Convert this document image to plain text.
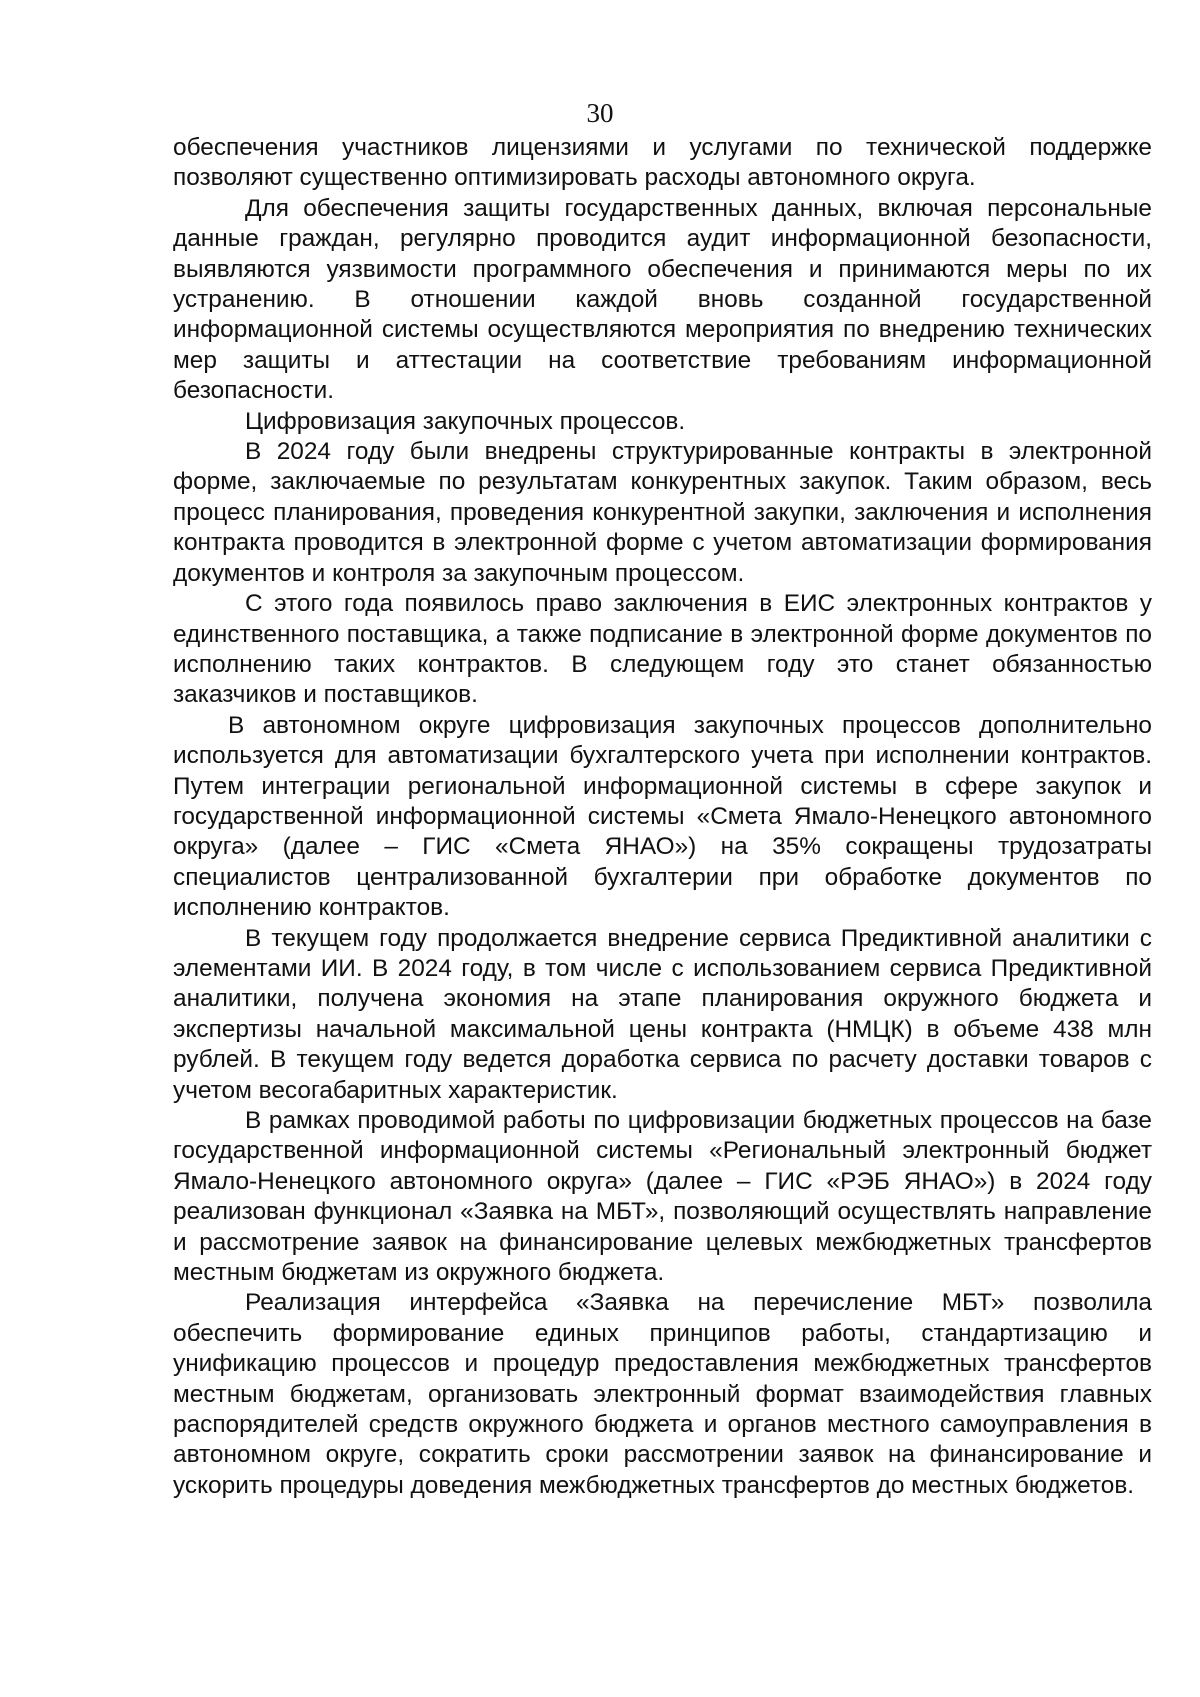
30

обеспечения участников лицензиями и услугами по технической поддержке позволяют существенно оптимизировать расходы автономного округа.

Для обеспечения защиты государственных данных, включая персональные данные граждан, регулярно проводится аудит информационной безопасности, выявляются уязвимости программного обеспечения и принимаются меры по их устранению. В отношении каждой вновь созданной государственной информационной системы осуществляются мероприятия по внедрению технических мер защиты и аттестации на соответствие требованиям информационной безопасности.

Цифровизация закупочных процессов.

В 2024 году были внедрены структурированные контракты в электронной форме, заключаемые по результатам конкурентных закупок. Таким образом, весь процесс планирования, проведения конкурентной закупки, заключения и исполнения контракта проводится в электронной форме с учетом автоматизации формирования документов и контроля за закупочным процессом.

С этого года появилось право заключения в ЕИС электронных контрактов у единственного поставщика, а также подписание в электронной форме документов по исполнению таких контрактов. В следующем году это станет обязанностью заказчиков и поставщиков.

В автономном округе цифровизация закупочных процессов дополнительно используется для автоматизации бухгалтерского учета при исполнении контрактов. Путем интеграции региональной информационной системы в сфере закупок и государственной информационной системы «Смета Ямало-Ненецкого автономного округа» (далее – ГИС «Смета ЯНАО») на 35% сокращены трудозатраты специалистов централизованной бухгалтерии при обработке документов по исполнению контрактов.

В текущем году продолжается внедрение сервиса Предиктивной аналитики с элементами ИИ. В 2024 году, в том числе с использованием сервиса Предиктивной аналитики, получена экономия на этапе планирования окружного бюджета и экспертизы начальной максимальной цены контракта (НМЦК) в объеме 438 млн рублей. В текущем году ведется доработка сервиса по расчету доставки товаров с учетом весогабаритных характеристик.

В рамках проводимой работы по цифровизации бюджетных процессов на базе государственной информационной системы «Региональный электронный бюджет Ямало-Ненецкого автономного округа» (далее – ГИС «РЭБ ЯНАО») в 2024 году реализован функционал «Заявка на МБТ», позволяющий осуществлять направление и рассмотрение заявок на финансирование целевых межбюджетных трансфертов местным бюджетам из окружного бюджета.

Реализация интерфейса «Заявка на перечисление МБТ» позволила обеспечить формирование единых принципов работы, стандартизацию и унификацию процессов и процедур предоставления межбюджетных трансфертов местным бюджетам, организовать электронный формат взаимодействия главных распорядителей средств окружного бюджета и органов местного самоуправления в автономном округе, сократить сроки рассмотрении заявок на финансирование и ускорить процедуры доведения межбюджетных трансфертов до местных бюджетов.
